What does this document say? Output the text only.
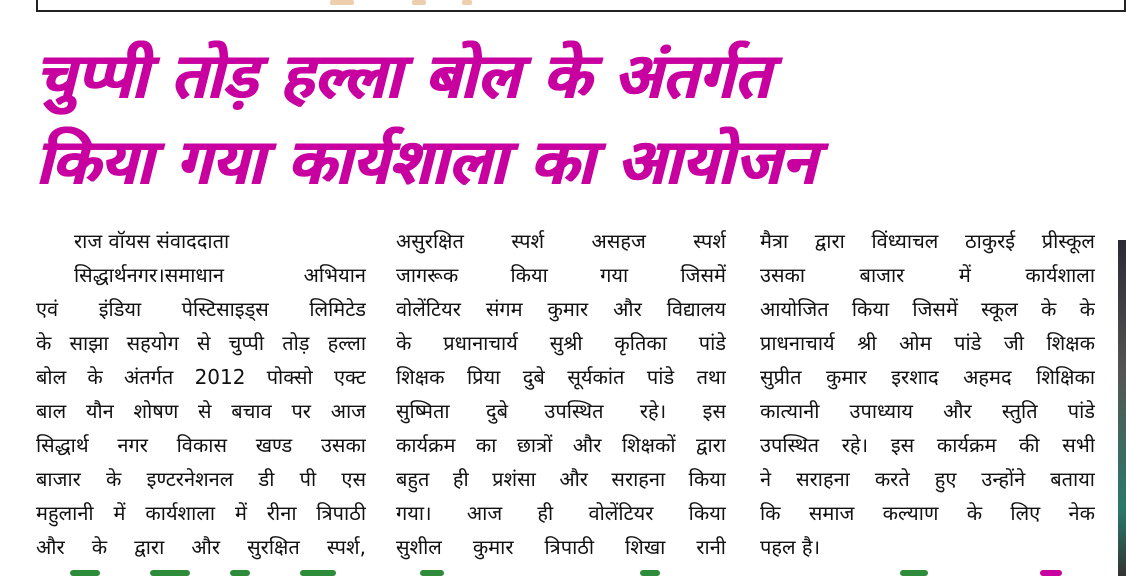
चुप्पी तोड़ हल्ला बोल के अंतर्गत
किया गया कार्यशाला का आयोजन
राज वॉयस संवाददाता
सिद्धार्थनगर।समाधान अभियान
एवं इंडिया पेस्टिसाइड्स लिमिटेड
के साझा सहयोग से चुप्पी तोड़ हल्ला
बोल के अंतर्गत 2012 पोक्सो एक्ट
बाल यौन शोषण से बचाव पर आज
सिद्धार्थ नगर विकास खण्ड उसका
बाजार के इण्टरनेशनल डी पी एस
महुलानी में कार्यशाला में रीना त्रिपाठी
और के द्वारा और सुरक्षित स्पर्श,
असुरक्षित स्पर्श असहज स्पर्श
जागरूक किया गया जिसमें
वोलेंटियर संगम कुमार और विद्यालय
के प्रधानाचार्य सुश्री कृतिका पांडे
शिक्षक प्रिया दुबे सूर्यकांत पांडे तथा
सुष्मिता दुबे उपस्थित रहे। इस
कार्यक्रम का छात्रों और शिक्षकों द्वारा
बहुत ही प्रशंसा और सराहना किया
गया। आज ही वोलेंटियर किया
सुशील कुमार त्रिपाठी शिखा रानी
मैत्रा द्वारा विंध्याचल ठाकुरई प्रीस्कूल
उसका बाजार में कार्यशाला
आयोजित किया जिसमें स्कूल के के
प्राधनाचार्य श्री ओम पांडे जी शिक्षक
सुप्रीत कुमार इरशाद अहमद शिक्षिका
कात्यानी उपाध्याय और स्तुति पांडे
उपस्थित रहे। इस कार्यक्रम की सभी
ने सराहना करते हुए उन्होंने बताया
कि समाज कल्याण के लिए नेक
पहल है।
